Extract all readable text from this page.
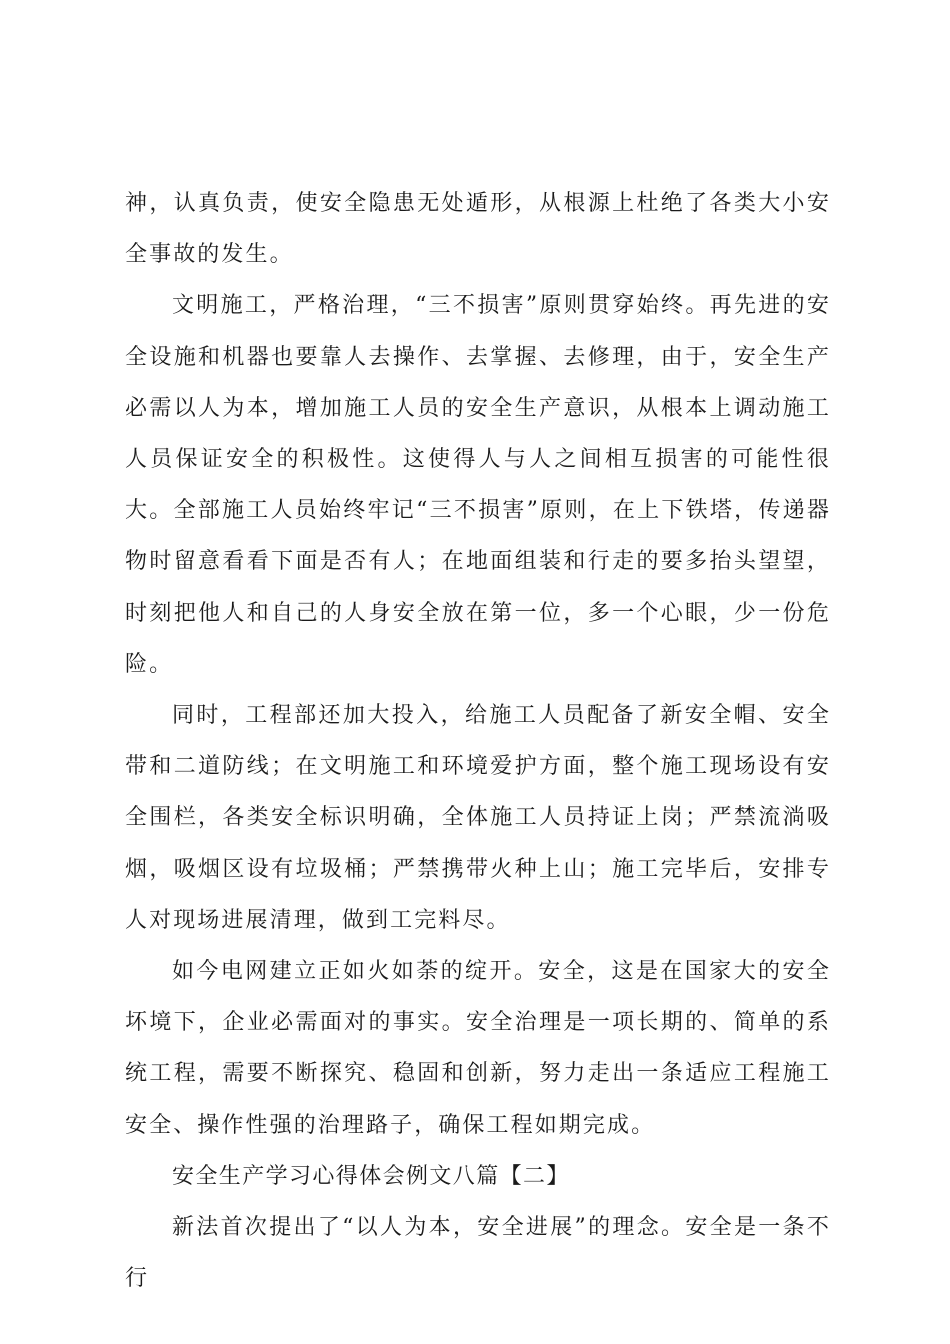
神，认真负责，使安全隐患无处遁形，从根源上杜绝了各类大小安全事故的发生。

文明施工，严格治理，“三不损害”原则贯穿始终。再先进的安全设施和机器也要靠人去操作、去掌握、去修理，由于，安全生产必需以人为本，增加施工人员的安全生产意识，从根本上调动施工人员保证安全的积极性。这使得人与人之间相互损害的可能性很大。全部施工人员始终牢记“三不损害”原则，在上下铁塔，传递器物时留意看看下面是否有人；在地面组装和行走的要多抬头望望，时刻把他人和自己的人身安全放在第一位，多一个心眼，少一份危险。

同时，工程部还加大投入，给施工人员配备了新安全帽、安全带和二道防线；在文明施工和环境爱护方面，整个施工现场设有安全围栏，各类安全标识明确，全体施工人员持证上岗；严禁流淌吸烟，吸烟区设有垃圾桶；严禁携带火种上山；施工完毕后，安排专人对现场进展清理，做到工完料尽。

如今电网建立正如火如荼的绽开。安全，这是在国家大的安全坏境下，企业必需面对的事实。安全治理是一项长期的、简单的系统工程，需要不断探究、稳固和创新，努力走出一条适应工程施工安全、操作性强的治理路子，确保工程如期完成。

安全生产学习心得体会例文八篇【二】

新法首次提出了“以人为本，安全进展”的理念。安全是一条不行
